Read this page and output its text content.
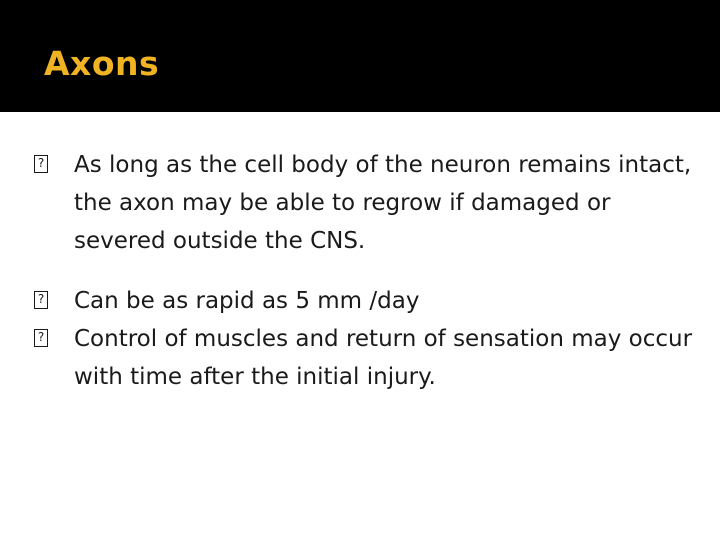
Axons
? As long as the cell body of the neuron remains intact, the axon may be able to regrow if damaged or severed outside the CNS.
? Can be as rapid as 5 mm /day
? Control of muscles and return of sensation may occur with time after the initial injury.
